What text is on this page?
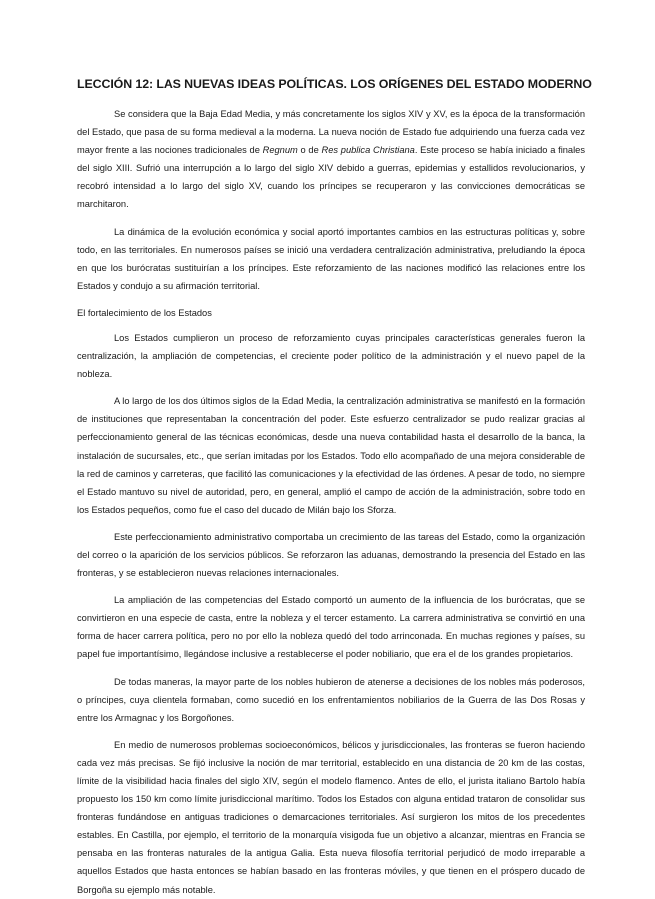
LECCIÓN 12: LAS NUEVAS IDEAS POLÍTICAS. LOS ORÍGENES DEL ESTADO MODERNO

Se considera que la Baja Edad Media, y más concretamente los siglos XIV y XV, es la época de la transformación del Estado, que pasa de su forma medieval a la moderna. La nueva noción de Estado fue adquiriendo una fuerza cada vez mayor frente a las nociones tradicionales de Regnum o de Res publica Christiana. Este proceso se había iniciado a finales del siglo XIII. Sufrió una interrupción a lo largo del siglo XIV debido a guerras, epidemias y estallidos revolucionarios, y recobró intensidad a lo largo del siglo XV, cuando los príncipes se recuperaron y las convicciones democráticas se marchitaron.

La dinámica de la evolución económica y social aportó importantes cambios en las estructuras políticas y, sobre todo, en las territoriales. En numerosos países se inició una verdadera centralización administrativa, preludiando la época en que los burócratas sustituirían a los príncipes. Este reforzamiento de las naciones modificó las relaciones entre los Estados y condujo a su afirmación territorial.

El fortalecimiento de los Estados

Los Estados cumplieron un proceso de reforzamiento cuyas principales características generales fueron la centralización, la ampliación de competencias, el creciente poder político de la administración y el nuevo papel de la nobleza.

A lo largo de los dos últimos siglos de la Edad Media, la centralización administrativa se manifestó en la formación de instituciones que representaban la concentración del poder. Este esfuerzo centralizador se pudo realizar gracias al perfeccionamiento general de las técnicas económicas, desde una nueva contabilidad hasta el desarrollo de la banca, la instalación de sucursales, etc., que serían imitadas por los Estados. Todo ello acompañado de una mejora considerable de la red de caminos y carreteras, que facilitó las comunicaciones y la efectividad de las órdenes. A pesar de todo, no siempre el Estado mantuvo su nivel de autoridad, pero, en general, amplió el campo de acción de la administración, sobre todo en los Estados pequeños, como fue el caso del ducado de Milán bajo los Sforza.

Este perfeccionamiento administrativo comportaba un crecimiento de las tareas del Estado, como la organización del correo o la aparición de los servicios públicos. Se reforzaron las aduanas, demostrando la presencia del Estado en las fronteras, y se establecieron nuevas relaciones internacionales.

La ampliación de las competencias del Estado comportó un aumento de la influencia de los burócratas, que se convirtieron en una especie de casta, entre la nobleza y el tercer estamento. La carrera administrativa se convirtió en una forma de hacer carrera política, pero no por ello la nobleza quedó del todo arrinconada. En muchas regiones y países, su papel fue importantísimo, llegándose inclusive a restablecerse el poder nobiliario, que era el de los grandes propietarios.

De todas maneras, la mayor parte de los nobles hubieron de atenerse a decisiones de los nobles más poderosos, o príncipes, cuya clientela formaban, como sucedió en los enfrentamientos nobiliarios de la Guerra de las Dos Rosas y entre los Armagnac y los Borgoñones.

En medio de numerosos problemas socioeconómicos, bélicos y jurisdiccionales, las fronteras se fueron haciendo cada vez más precisas. Se fijó inclusive la noción de mar territorial, establecido en una distancia de 20 km de las costas, límite de la visibilidad hacia finales del siglo XIV, según el modelo flamenco. Antes de ello, el jurista italiano Bartolo había propuesto los 150 km como límite jurisdiccional marítimo. Todos los Estados con alguna entidad trataron de consolidar sus fronteras fundándose en antiguas tradiciones o demarcaciones territoriales. Así surgieron los mitos de los precedentes estables. En Castilla, por ejemplo, el territorio de la monarquía visigoda fue un objetivo a alcanzar, mientras en Francia se pensaba en las fronteras naturales de la antigua Galia. Esta nueva filosofía territorial perjudicó de modo irreparable a aquellos Estados que hasta entonces se habían basado en las fronteras móviles, y que tienen en el próspero ducado de Borgoña su ejemplo más notable.
